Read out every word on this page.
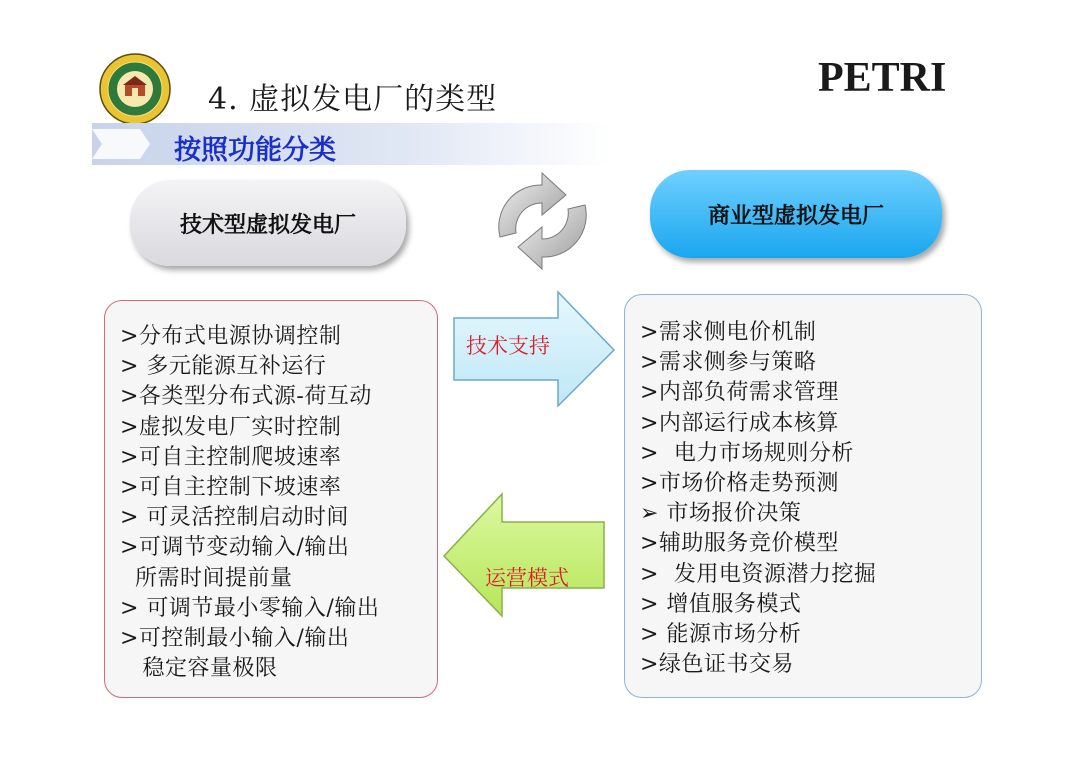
4. 虚拟发电厂的类型	PETRI
按照功能分类
技术型虚拟发电厂	商业型虚拟发电厂
>分布式电源协调控制
> 多元能源互补运行
>各类型分布式源-荷互动
>虚拟发电厂实时控制
>可自主控制爬坡速率
>可自主控制下坡速率
> 可灵活控制启动时间
>可调节变动输入/输出
所需时间提前量
> 可调节最小零输入/输出
>可控制最小输入/输出
稳定容量极限
>需求侧电价机制
>需求侧参与策略
>内部负荷需求管理
>内部运行成本核算
>  电力市场规则分析
>市场价格走势预测
➢ 市场报价决策
>辅助服务竞价模型
>  发用电资源潜力挖掘
> 增值服务模式
> 能源市场分析
>绿色证书交易
技术支持
运营模式
